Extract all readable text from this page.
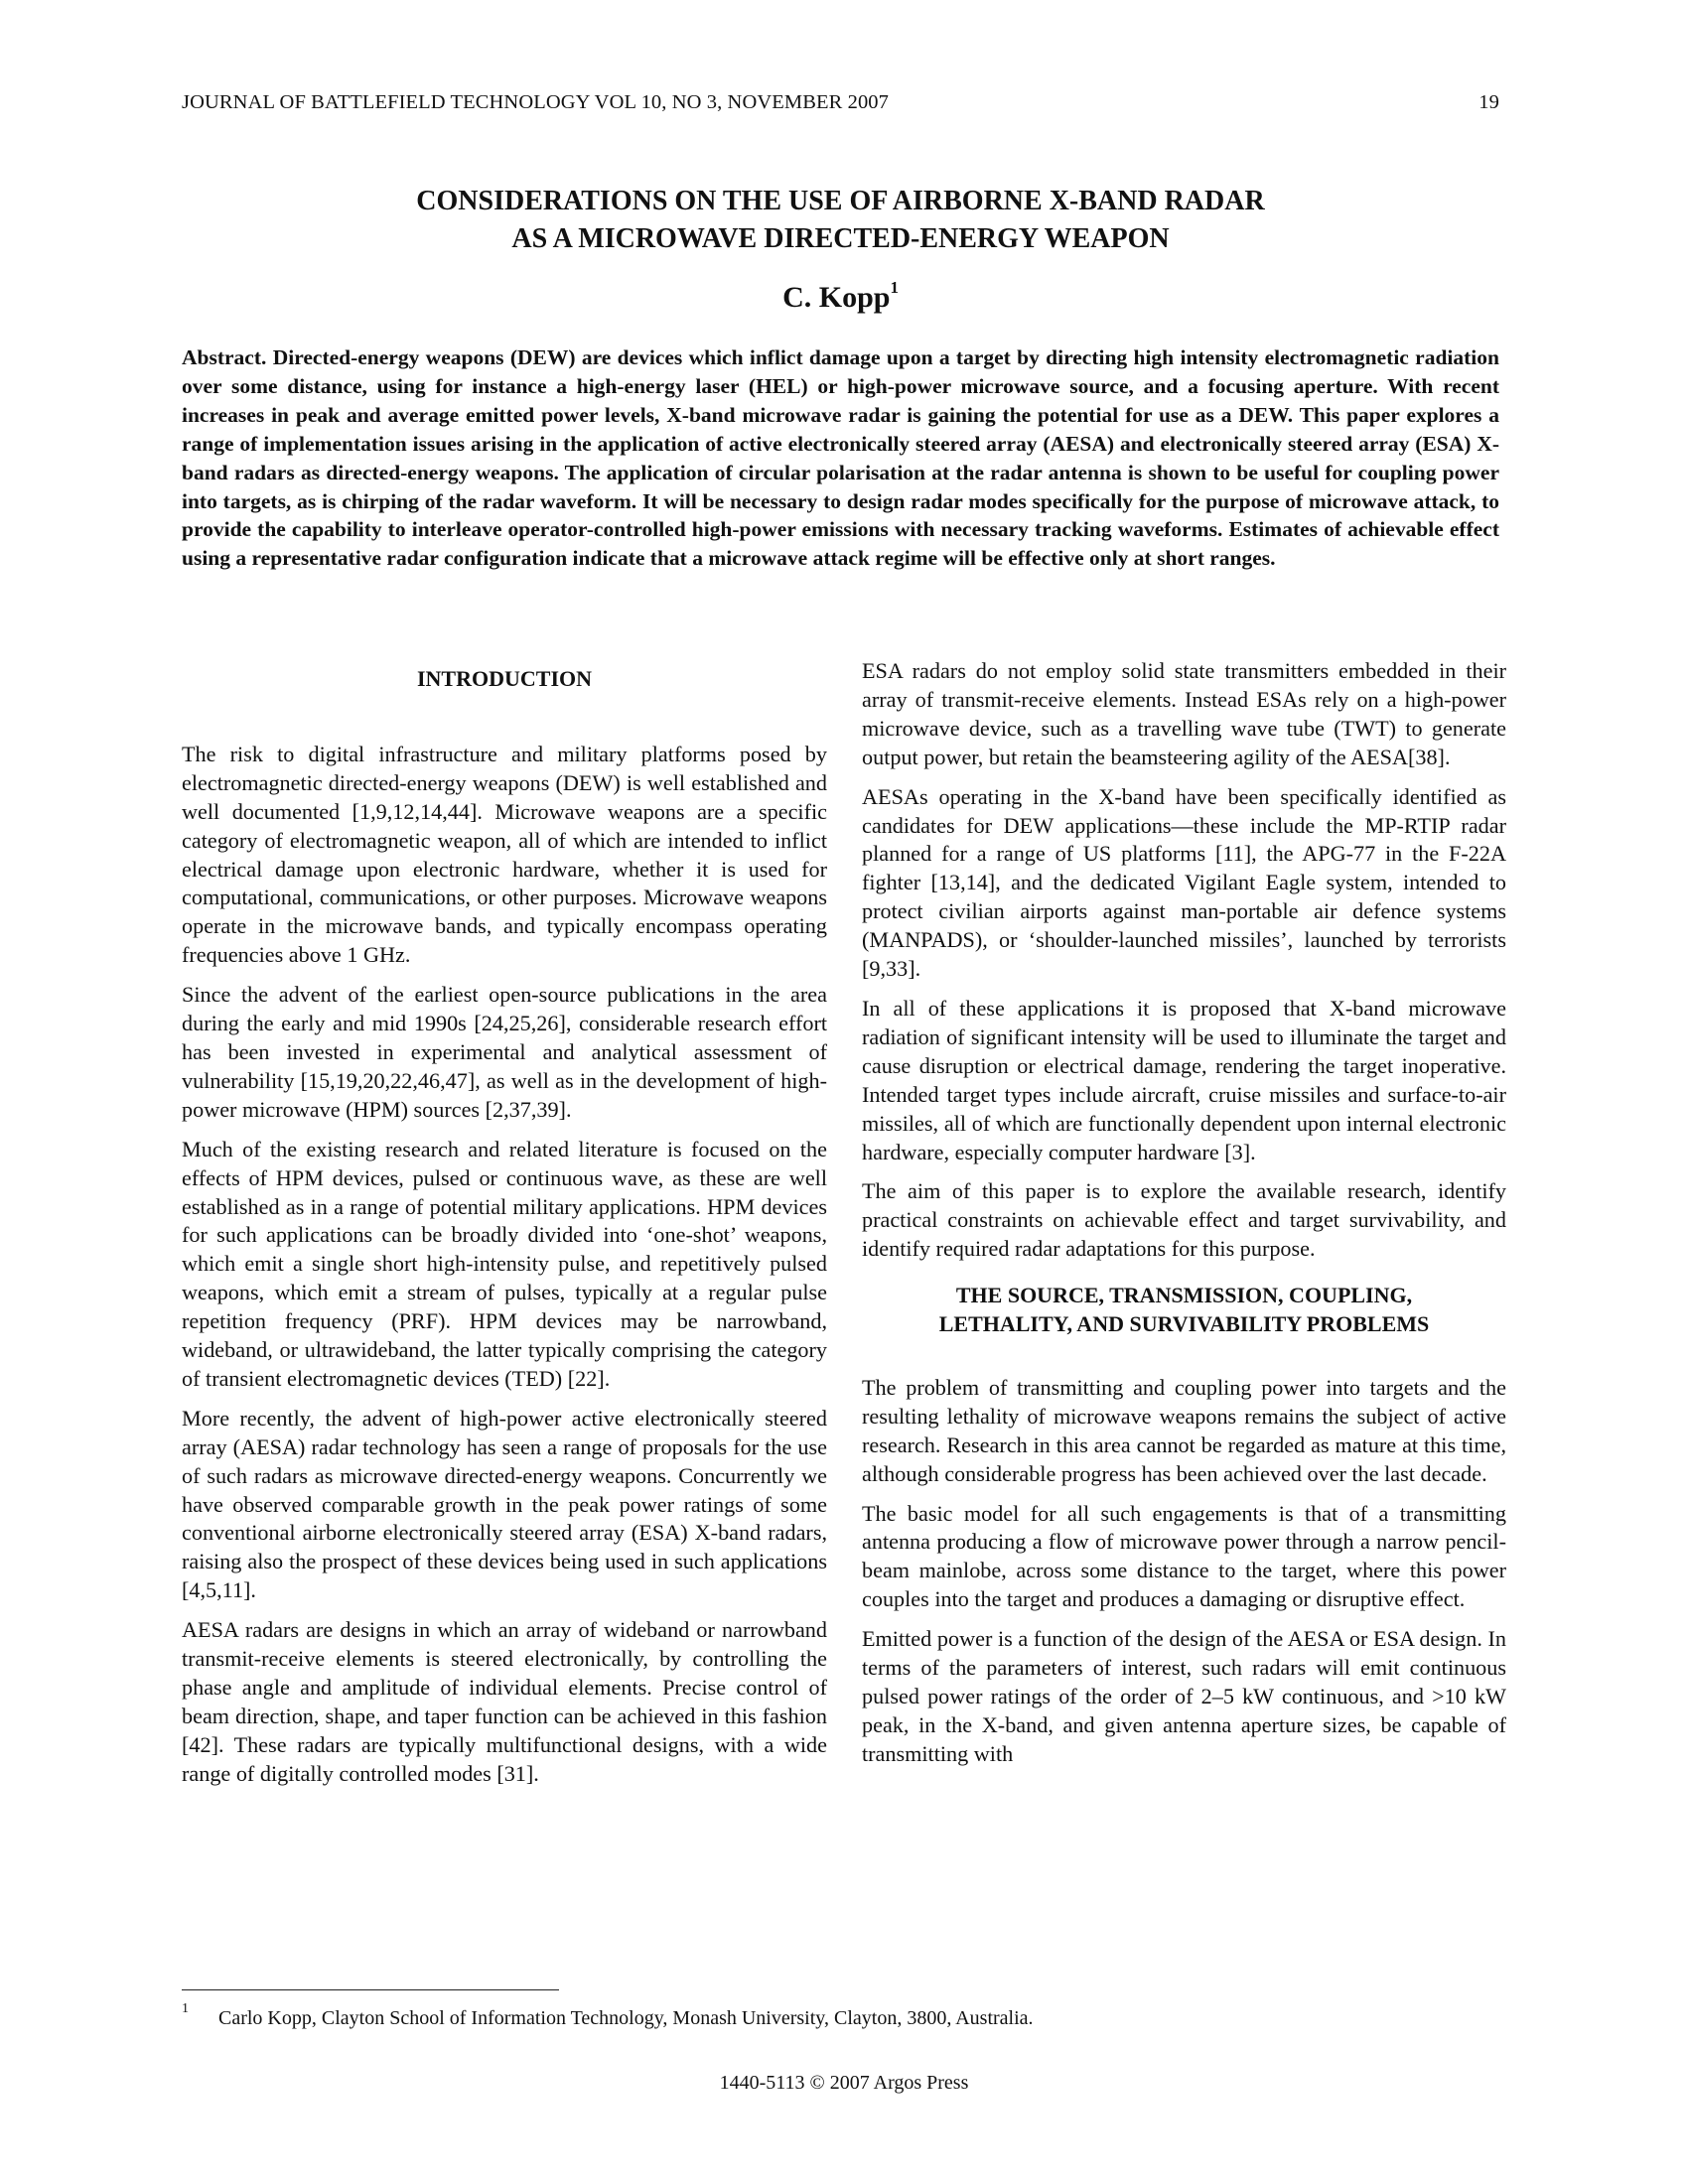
JOURNAL OF BATTLEFIELD TECHNOLOGY VOL 10, NO 3, NOVEMBER 2007	19
CONSIDERATIONS ON THE USE OF AIRBORNE X-BAND RADAR
AS A MICROWAVE DIRECTED-ENERGY WEAPON
C. Kopp$^1$
Abstract. Directed-energy weapons (DEW) are devices which inflict damage upon a target by directing high intensity electromagnetic radiation over some distance, using for instance a high-energy laser (HEL) or high-power microwave source, and a focusing aperture. With recent increases in peak and average emitted power levels, X-band microwave radar is gaining the potential for use as a DEW. This paper explores a range of implementation issues arising in the application of active electronically steered array (AESA) and electronically steered array (ESA) X-band radars as directed-energy weapons. The application of circular polarisation at the radar antenna is shown to be useful for coupling power into targets, as is chirping of the radar waveform. It will be necessary to design radar modes specifically for the purpose of microwave attack, to provide the capability to interleave operator-controlled high-power emissions with necessary tracking waveforms. Estimates of achievable effect using a representative radar configuration indicate that a microwave attack regime will be effective only at short ranges.
INTRODUCTION

The risk to digital infrastructure and military platforms posed by electromagnetic directed-energy weapons (DEW) is well established and well documented [1,9,12,14,44]. Microwave weapons are a specific category of electromagnetic weapon, all of which are intended to inflict electrical damage upon electronic hardware, whether it is used for computational, communications, or other purposes. Microwave weapons operate in the microwave bands, and typically encompass operating frequencies above 1 GHz.

Since the advent of the earliest open-source publications in the area during the early and mid 1990s [24,25,26], considerable research effort has been invested in experimental and analytical assessment of vulnerability [15,19,20,22,46,47], as well as in the development of high-power microwave (HPM) sources [2,37,39].

Much of the existing research and related literature is focused on the effects of HPM devices, pulsed or continuous wave, as these are well established as in a range of potential military applications. HPM devices for such applications can be broadly divided into ‘one-shot’ weapons, which emit a single short high-intensity pulse, and repetitively pulsed weapons, which emit a stream of pulses, typically at a regular pulse repetition frequency (PRF). HPM devices may be narrowband, wideband, or ultrawideband, the latter typically comprising the category of transient electromagnetic devices (TED) [22].

More recently, the advent of high-power active electronically steered array (AESA) radar technology has seen a range of proposals for the use of such radars as microwave directed-energy weapons. Concurrently we have observed comparable growth in the peak power ratings of some conventional airborne electronically steered array (ESA) X-band radars, raising also the prospect of these devices being used in such applications [4,5,11].

AESA radars are designs in which an array of wideband or narrowband transmit-receive elements is steered electronically, by controlling the phase angle and amplitude of individual elements. Precise control of beam direction, shape, and taper function can be achieved in this fashion [42]. These radars are typically multifunctional designs, with a wide range of digitally controlled modes [31].

ESA radars do not employ solid state transmitters embedded in their array of transmit-receive elements. Instead ESAs rely on a high-power microwave device, such as a travelling wave tube (TWT) to generate output power, but retain the beamsteering agility of the AESA[38].

AESAs operating in the X-band have been specifically identified as candidates for DEW applications—these include the MP-RTIP radar planned for a range of US platforms [11], the APG-77 in the F-22A fighter [13,14], and the dedicated Vigilant Eagle system, intended to protect civilian airports against man-portable air defence systems (MANPADS), or ‘shoulder-launched missiles’, launched by terrorists [9,33].

In all of these applications it is proposed that X-band microwave radiation of significant intensity will be used to illuminate the target and cause disruption or electrical damage, rendering the target inoperative. Intended target types include aircraft, cruise missiles and surface-to-air missiles, all of which are functionally dependent upon internal electronic hardware, especially computer hardware [3].

The aim of this paper is to explore the available research, identify practical constraints on achievable effect and target survivability, and identify required radar adaptations for this purpose.

THE SOURCE, TRANSMISSION, COUPLING,
LETHALITY, AND SURVIVABILITY PROBLEMS

The problem of transmitting and coupling power into targets and the resulting lethality of microwave weapons remains the subject of active research. Research in this area cannot be regarded as mature at this time, although considerable progress has been achieved over the last decade.

The basic model for all such engagements is that of a transmitting antenna producing a flow of microwave power through a narrow pencil-beam mainlobe, across some distance to the target, where this power couples into the target and produces a damaging or disruptive effect.

Emitted power is a function of the design of the AESA or ESA design. In terms of the parameters of interest, such radars will emit continuous pulsed power ratings of the order of 2–5 kW continuous, and >10 kW peak, in the X-band, and given antenna aperture sizes, be capable of transmitting with

1 Carlo Kopp, Clayton School of Information Technology, Monash University, Clayton, 3800, Australia.
1440-5113 © 2007 Argos Press
